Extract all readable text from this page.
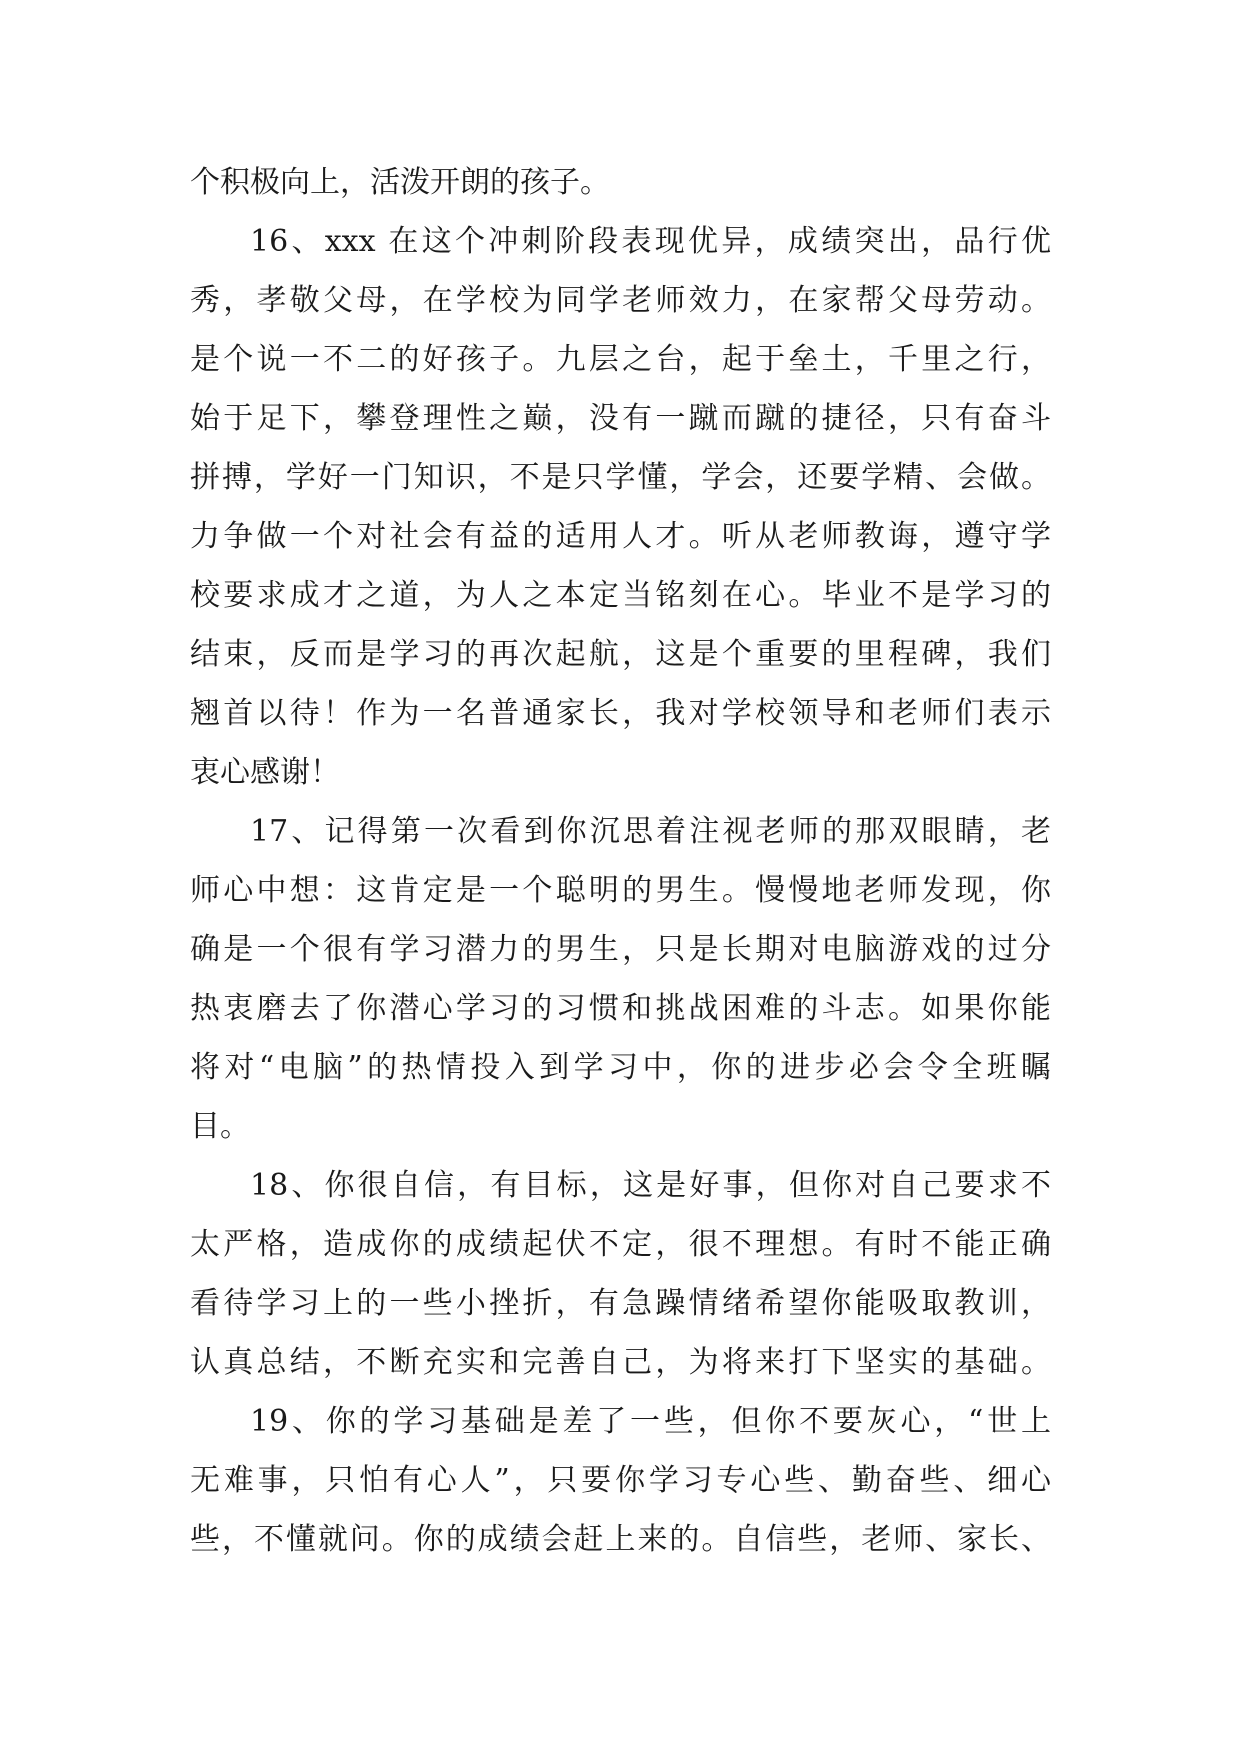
个积极向上，活泼开朗的孩子。
16、xxx 在这个冲刺阶段表现优异，成绩突出，品行优
秀，孝敬父母，在学校为同学老师效力，在家帮父母劳动。
是个说一不二的好孩子。九层之台，起于垒土，千里之行，
始于足下，攀登理性之巅，没有一蹴而蹴的捷径，只有奋斗
拼搏，学好一门知识，不是只学懂，学会，还要学精、会做。
力争做一个对社会有益的适用人才。听从老师教诲，遵守学
校要求成才之道，为人之本定当铭刻在心。毕业不是学习的
结束，反而是学习的再次起航，这是个重要的里程碑，我们
翘首以待！作为一名普通家长，我对学校领导和老师们表示
衷心感谢！
17、记得第一次看到你沉思着注视老师的那双眼睛，老
师心中想：这肯定是一个聪明的男生。慢慢地老师发现，你
确是一个很有学习潜力的男生，只是长期对电脑游戏的过分
热衷磨去了你潜心学习的习惯和挑战困难的斗志。如果你能
将对“电脑”的热情投入到学习中，你的进步必会令全班瞩
目。
18、你很自信，有目标，这是好事，但你对自己要求不
太严格，造成你的成绩起伏不定，很不理想。有时不能正确
看待学习上的一些小挫折，有急躁情绪希望你能吸取教训，
认真总结，不断充实和完善自己，为将来打下坚实的基础。
19、你的学习基础是差了一些，但你不要灰心，“世上
无难事，只怕有心人”，只要你学习专心些、勤奋些、细心
些，不懂就问。你的成绩会赶上来的。自信些，老师、家长、
